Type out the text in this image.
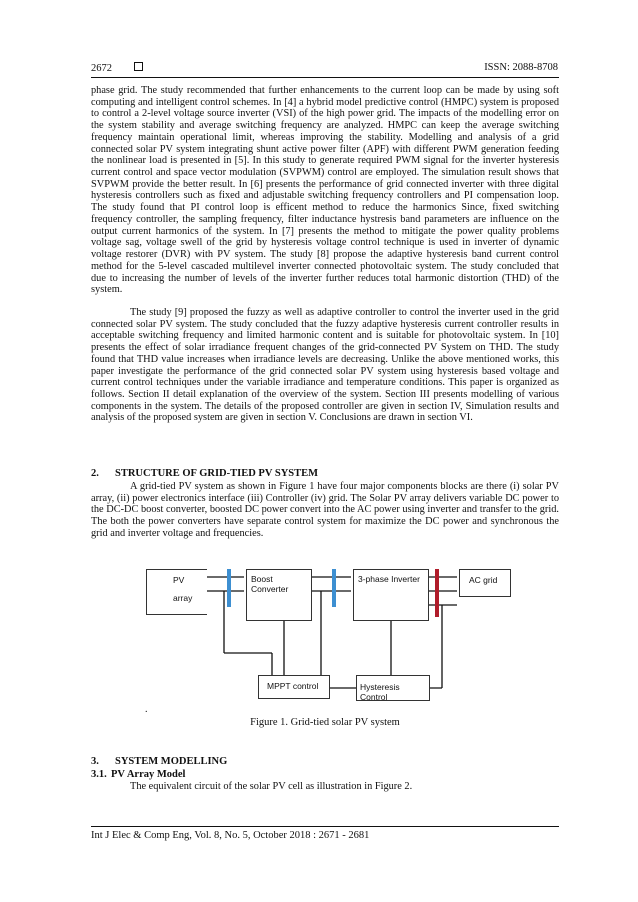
2672	ISSN: 2088-8708

phase grid. The study recommended that further enhancements to the current loop can be made by using soft computing and intelligent control schemes. In [4] a hybrid model predictive control (HMPC) system is proposed to control a 2-level voltage source inverter (VSI) of the high power grid. The impacts of the modelling error on the system stability and average switching frequency are analyzed. HMPC can keep the average switching frequency maintain operational limit, whereas improving the stability. Modelling and analysis of a grid connected solar PV system integrating shunt active power filter (APF) with different PWM generation feeding the nonlinear load is presented in [5]. In this study to generate required PWM signal for the inverter hysteresis current control and space vector modulation (SVPWM) control are employed. The simulation result shows that SVPWM provide the better result. In [6] presents the performance of grid connected inverter with three digital hysteresis controllers such as fixed and adjustable switching frequency controllers and PI compensation loop. The study found that PI control loop is efficent method to reduce the harmonics Since, fixed switching frequency controller, the sampling frequency, filter inductance hystresis band parameters are influence on the output current harmonics of the system. In [7] presents the method to mitigate the power quality problems voltage sag, voltage swell of the grid by hysteresis voltage control technique is used in inverter of dynamic voltage restorer (DVR) with PV system. The study [8] propose the adaptive hysteresis band current control method for the 5-level cascaded multilevel inverter connected photovoltaic system. The study concluded that due to increasing the number of levels of the inverter further reduces total harmonic distortion (THD) of the system.

The study [9] proposed the fuzzy as well as adaptive controller to control the inverter used in the grid connected solar PV system. The study concluded that the fuzzy adaptive hysteresis current controller results in acceptable switching frequency and limited harmonic content and is suitable for photovoltaic system. In [10] presents the effect of solar irradiance frequent changes of the grid-connected PV System on THD. The study found that THD value increases when irradiance levels are decreasing. Unlike the above mentioned works, this paper investigate the performance of the grid connected solar PV system using hysteresis based voltage and current control techniques under the variable irradiance and temperature conditions. This paper is organized as follows. Section II detail explanation of the overview of the system. Section III presents modelling of various components in the system. The details of the proposed controller are given in section IV, Simulation results and analysis of the proposed system are given in section V. Conclusions are drawn in section VI.

2. STRUCTURE OF GRID-TIED PV SYSTEM

A grid-tied PV system as shown in Figure 1 have four major components blocks are there (i) solar PV array, (ii) power electronics interface (iii) Controller (iv) grid. The Solar PV array delivers variable DC power to the DC-DC boost converter, boosted DC power convert into the AC power using inverter and transfer to the grid. The both the power converters have separate control system for maximize the DC power and synchronous the grid and inverter voltage and frequencies.

PV
array
Boost Converter
3-phase Inverter	AC grid
MPPT control	Hysteresis Control
.
Figure 1. Grid-tied solar PV system
3. SYSTEM MODELLING
3.1. PV Array Model

The equivalent circuit of the solar PV cell as illustration in Figure 2.

Int J Elec & Comp Eng, Vol. 8, No. 5, October 2018 : 2671 - 2681
